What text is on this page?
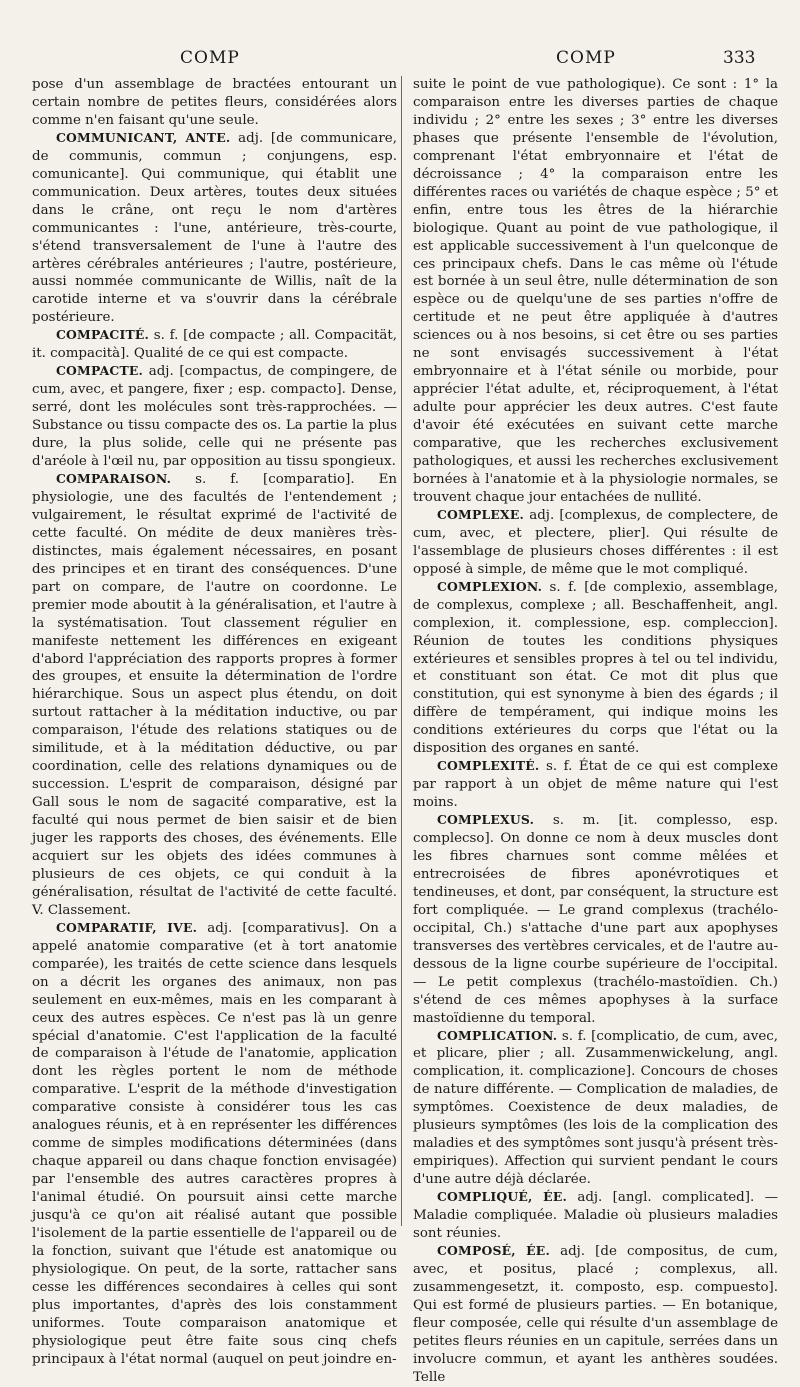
COMP	COMP	333

pose d'un assemblage de bractées entourant un certain nombre de petites fleurs, considérées alors comme n'en faisant qu'une seule.

COMMUNICANT, ANTE. adj. [de communicare, de communis, commun ; conjungens, esp. comunicante]. Qui communique, qui établit une communication. Deux artères, toutes deux situées dans le crâne, ont reçu le nom d'artères communicantes : l'une, antérieure, très-courte, s'étend transversalement de l'une à l'autre des artères cérébrales antérieures ; l'autre, postérieure, aussi nommée communicante de Willis, naît de la carotide interne et va s'ouvrir dans la cérébrale postérieure.

COMPACITÉ. s. f. [de compacte ; all. Compacität, it. compacità]. Qualité de ce qui est compacte.

COMPACTE. adj. [compactus, de compingere, de cum, avec, et pangere, fixer ; esp. compacto]. Dense, serré, dont les molécules sont très-rapprochées. — Substance ou tissu compacte des os. La partie la plus dure, la plus solide, celle qui ne présente pas d'aréole à l'œil nu, par opposition au tissu spongieux.

COMPARAISON. s. f. [comparatio]. En physiologie, une des facultés de l'entendement ; vulgairement, le résultat exprimé de l'activité de cette faculté. On médite de deux manières très-distinctes, mais également nécessaires, en posant des principes et en tirant des conséquences. D'une part on compare, de l'autre on coordonne. Le premier mode aboutit à la généralisation, et l'autre à la systématisation. Tout classement régulier en manifeste nettement les différences en exigeant d'abord l'appréciation des rapports propres à former des groupes, et ensuite la détermination de l'ordre hiérarchique. Sous un aspect plus étendu, on doit surtout rattacher à la méditation inductive, ou par comparaison, l'étude des relations statiques ou de similitude, et à la méditation déductive, ou par coordination, celle des relations dynamiques ou de succession. L'esprit de comparaison, désigné par Gall sous le nom de sagacité comparative, est la faculté qui nous permet de bien saisir et de bien juger les rapports des choses, des événements. Elle acquiert sur les objets des idées communes à plusieurs de ces objets, ce qui conduit à la généralisation, résultat de l'activité de cette faculté. V. Classement.

COMPARATIF, IVE. adj. [comparativus]. On a appelé anatomie comparative (et à tort anatomie comparée), les traités de cette science dans lesquels on a décrit les organes des animaux, non pas seulement en eux-mêmes, mais en les comparant à ceux des autres espèces. Ce n'est pas là un genre spécial d'anatomie. C'est l'application de la faculté de comparaison à l'étude de l'anatomie, application dont les règles portent le nom de méthode comparative. L'esprit de la méthode d'investigation comparative consiste à considérer tous les cas analogues réunis, et à en représenter les différences comme de simples modifications déterminées (dans chaque appareil ou dans chaque fonction envisagée) par l'ensemble des autres caractères propres à l'animal étudié. On poursuit ainsi cette marche jusqu'à ce qu'on ait réalisé autant que possible l'isolement de la partie essentielle de l'appareil ou de la fonction, suivant que l'étude est anatomique ou physiologique. On peut, de la sorte, rattacher sans cesse les différences secondaires à celles qui sont plus importantes, d'après des lois constamment uniformes. Toute comparaison anatomique et physiologique peut être faite sous cinq chefs principaux à l'état normal (auquel on peut joindre en-

suite le point de vue pathologique). Ce sont : 1° la comparaison entre les diverses parties de chaque individu ; 2° entre les sexes ; 3° entre les diverses phases que présente l'ensemble de l'évolution, comprenant l'état embryonnaire et l'état de décroissance ; 4° la comparaison entre les différentes races ou variétés de chaque espèce ; 5° et enfin, entre tous les êtres de la hiérarchie biologique. Quant au point de vue pathologique, il est applicable successivement à l'un quelconque de ces principaux chefs. Dans le cas même où l'étude est bornée à un seul être, nulle détermination de son espèce ou de quelqu'une de ses parties n'offre de certitude et ne peut être appliquée à d'autres sciences ou à nos besoins, si cet être ou ses parties ne sont envisagés successivement à l'état embryonnaire et à l'état sénile ou morbide, pour apprécier l'état adulte, et, réciproquement, à l'état adulte pour apprécier les deux autres. C'est faute d'avoir été exécutées en suivant cette marche comparative, que les recherches exclusivement pathologiques, et aussi les recherches exclusivement bornées à l'anatomie et à la physiologie normales, se trouvent chaque jour entachées de nullité.

COMPLEXE. adj. [complexus, de complectere, de cum, avec, et plectere, plier]. Qui résulte de l'assemblage de plusieurs choses différentes : il est opposé à simple, de même que le mot compliqué.

COMPLEXION. s. f. [de complexio, assemblage, de complexus, complexe ; all. Beschaffenheit, angl. complexion, it. complessione, esp. compleccion]. Réunion de toutes les conditions physiques extérieures et sensibles propres à tel ou tel individu, et constituant son état. Ce mot dit plus que constitution, qui est synonyme à bien des égards ; il diffère de tempérament, qui indique moins les conditions extérieures du corps que l'état ou la disposition des organes en santé.

COMPLEXITÉ. s. f. État de ce qui est complexe par rapport à un objet de même nature qui l'est moins.

COMPLEXUS. s. m. [it. complesso, esp. complecso]. On donne ce nom à deux muscles dont les fibres charnues sont comme mêlées et entrecroisées de fibres aponévrotiques et tendineuses, et dont, par conséquent, la structure est fort compliquée. — Le grand complexus (trachélo-occipital, Ch.) s'attache d'une part aux apophyses transverses des vertèbres cervicales, et de l'autre au-dessous de la ligne courbe supérieure de l'occipital. — Le petit complexus (trachélo-mastoïdien. Ch.) s'étend de ces mêmes apophyses à la surface mastoïdienne du temporal.

COMPLICATION. s. f. [complicatio, de cum, avec, et plicare, plier ; all. Zusammenwickelung, angl. complication, it. complicazione]. Concours de choses de nature différente. — Complication de maladies, de symptômes. Coexistence de deux maladies, de plusieurs symptômes (les lois de la complication des maladies et des symptômes sont jusqu'à présent très-empiriques). Affection qui survient pendant le cours d'une autre déjà déclarée.

COMPLIQUÉ, ÉE. adj. [angl. complicated]. — Maladie compliquée. Maladie où plusieurs maladies sont réunies.

COMPOSÉ, ÉE. adj. [de compositus, de cum, avec, et positus, placé ; complexus, all. zusammengesetzt, it. composto, esp. compuesto]. Qui est formé de plusieurs parties. — En botanique, fleur composée, celle qui résulte d'un assemblage de petites fleurs réunies en un capitule, serrées dans un involucre commun, et ayant les anthères soudées. Telle
